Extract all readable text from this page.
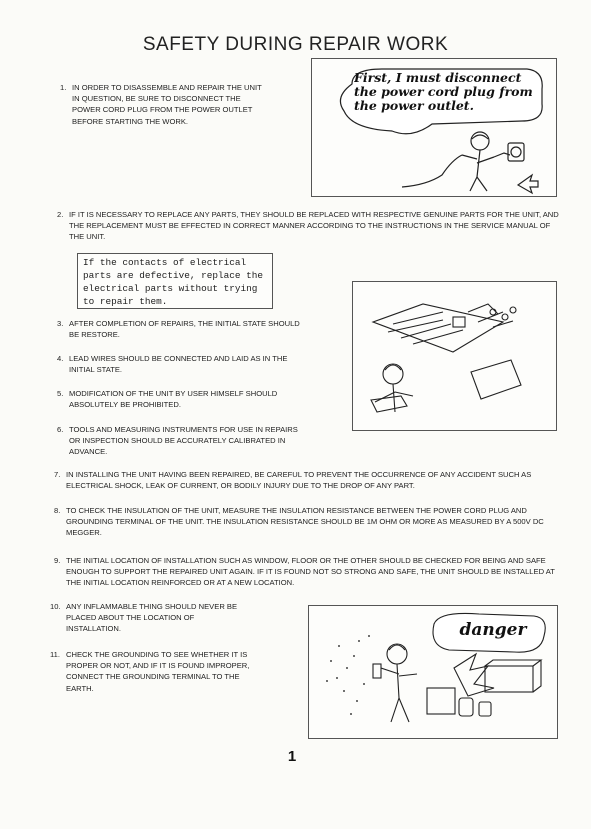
SAFETY DURING REPAIR WORK
1. IN ORDER TO DISASSEMBLE AND REPAIR THE UNIT IN QUESTION, BE SURE TO DISCONNECT THE POWER CORD PLUG FROM THE POWER OUTLET BEFORE STARTING THE WORK.
First, I must disconnect the power cord plug from the power outlet.
2. IF IT IS NECESSARY TO REPLACE ANY PARTS, THEY SHOULD BE REPLACED WITH RESPECTIVE GENUINE PARTS FOR THE UNIT, AND THE REPLACEMENT MUST BE EFFECTED IN CORRECT MANNER ACCORDING TO THE INSTRUCTIONS IN THE SERVICE MANUAL OF THE UNIT.
If the contacts of electrical parts are defective, replace the electrical parts without trying to repair them.
3. AFTER COMPLETION OF REPAIRS, THE INITIAL STATE SHOULD BE RESTORE.
4. LEAD WIRES SHOULD BE CONNECTED AND LAID AS IN THE INITIAL STATE.
5. MODIFICATION OF THE UNIT BY USER HIMSELF SHOULD ABSOLUTELY BE PROHIBITED.
6. TOOLS AND MEASURING INSTRUMENTS FOR USE IN REPAIRS OR INSPECTION SHOULD BE ACCURATELY CALIBRATED IN ADVANCE.
7. IN INSTALLING THE UNIT HAVING BEEN REPAIRED, BE CAREFUL TO PREVENT THE OCCURRENCE OF ANY ACCIDENT SUCH AS ELECTRICAL SHOCK, LEAK OF CURRENT, OR BODILY INJURY DUE TO THE DROP OF ANY PART.
8. TO CHECK THE INSULATION OF THE UNIT, MEASURE THE INSULATION RESISTANCE BETWEEN THE POWER CORD PLUG AND GROUNDING TERMINAL OF THE UNIT. THE INSULATION RESISTANCE SHOULD BE 1M OHM OR MORE AS MEASURED BY A 500V DC MEGGER.
9. THE INITIAL LOCATION OF INSTALLATION SUCH AS WINDOW, FLOOR OR THE OTHER SHOULD BE CHECKED FOR BEING AND SAFE ENOUGH TO SUPPORT THE REPAIRED UNIT AGAIN. IF IT IS FOUND NOT SO STRONG AND SAFE, THE UNIT SHOULD BE INSTALLED AT THE INITIAL LOCATION REINFORCED OR AT A NEW LOCATION.
10. ANY INFLAMMABLE THING SHOULD NEVER BE PLACED ABOUT THE LOCATION OF INSTALLATION.
11. CHECK THE GROUNDING TO SEE WHETHER IT IS PROPER OR NOT, AND IF IT IS FOUND IMPROPER, CONNECT THE GROUNDING TERMINAL TO THE EARTH.
danger
1
